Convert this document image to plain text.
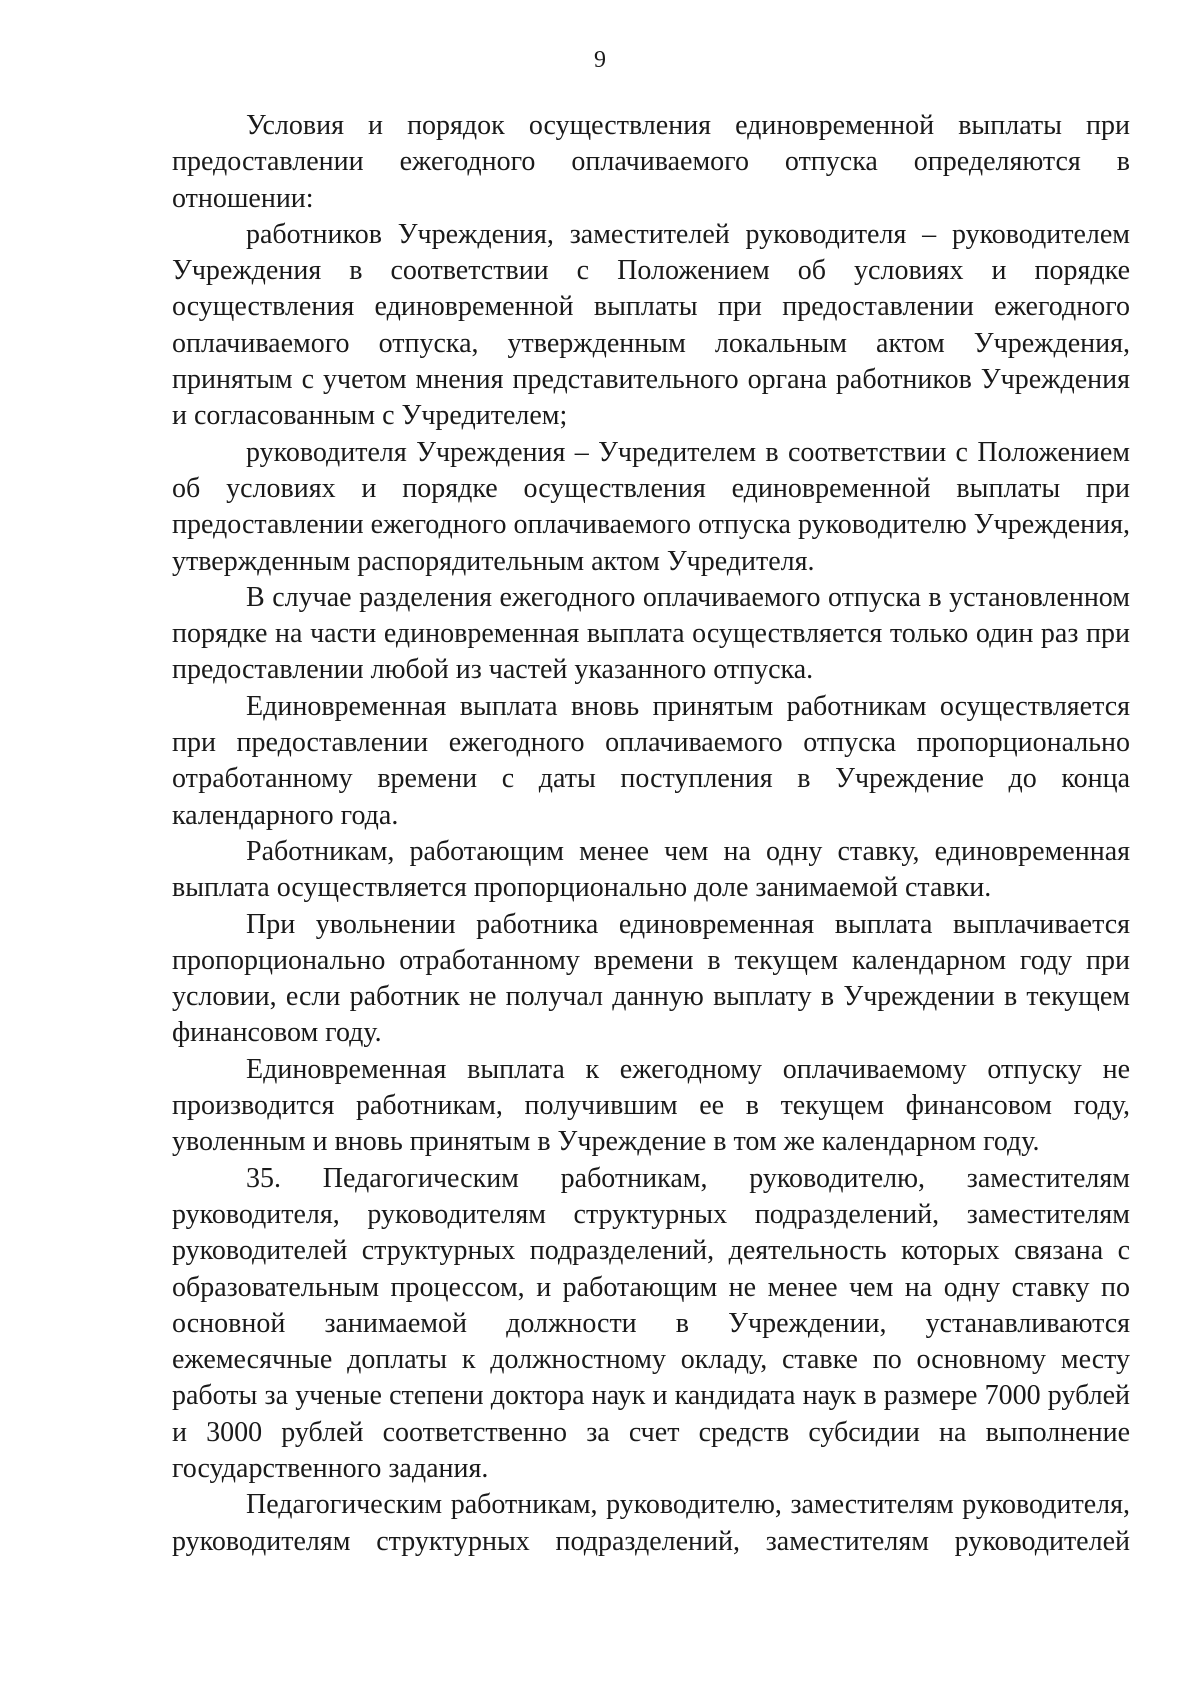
9

Условия и порядок осуществления единовременной выплаты при предоставлении ежегодного оплачиваемого отпуска определяются в отношении:

работников Учреждения, заместителей руководителя – руководителем Учреждения в соответствии с Положением об условиях и порядке осуществления единовременной выплаты при предоставлении ежегодного оплачиваемого отпуска, утвержденным локальным актом Учреждения, принятым с учетом мнения представительного органа работников Учреждения и согласованным с Учредителем;

руководителя Учреждения – Учредителем в соответствии с Положением об условиях и порядке осуществления единовременной выплаты при предоставлении ежегодного оплачиваемого отпуска руководителю Учреждения, утвержденным распорядительным актом Учредителя.

В случае разделения ежегодного оплачиваемого отпуска в установленном порядке на части единовременная выплата осуществляется только один раз при предоставлении любой из частей указанного отпуска.

Единовременная выплата вновь принятым работникам осуществляется при предоставлении ежегодного оплачиваемого отпуска пропорционально отработанному времени с даты поступления в Учреждение до конца календарного года.

Работникам, работающим менее чем на одну ставку, единовременная выплата осуществляется пропорционально доле занимаемой ставки.

При увольнении работника единовременная выплата выплачивается пропорционально отработанному времени в текущем календарном году при условии, если работник не получал данную выплату в Учреждении в текущем финансовом году.

Единовременная выплата к ежегодному оплачиваемому отпуску не производится работникам, получившим ее в текущем финансовом году, уволенным и вновь принятым в Учреждение в том же календарном году.

35. Педагогическим работникам, руководителю, заместителям руководителя, руководителям структурных подразделений, заместителям руководителей структурных подразделений, деятельность которых связана с образовательным процессом, и работающим не менее чем на одну ставку по основной занимаемой должности в Учреждении, устанавливаются ежемесячные доплаты к должностному окладу, ставке по основному месту работы за ученые степени доктора наук и кандидата наук в размере 7000 рублей и 3000 рублей соответственно за счет средств субсидии на выполнение государственного задания.

Педагогическим работникам, руководителю, заместителям руководителя, руководителям структурных подразделений, заместителям руководителей
